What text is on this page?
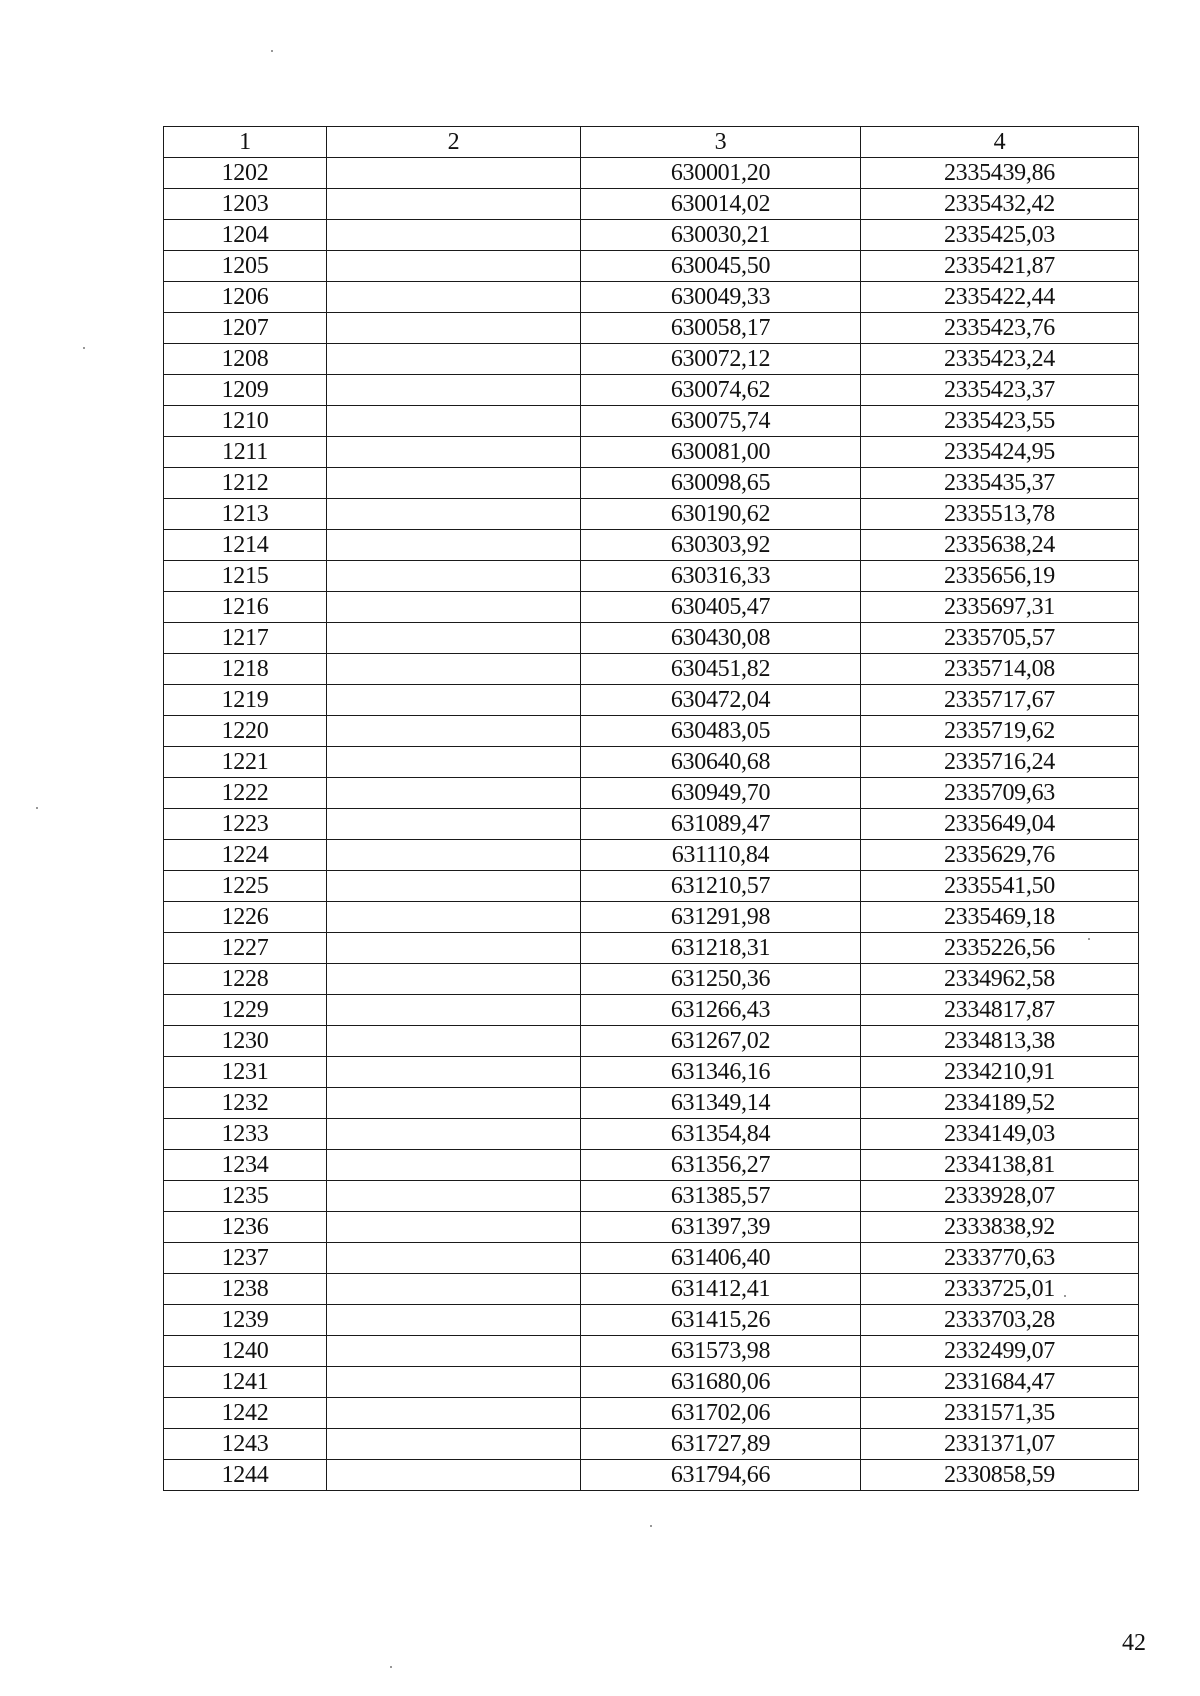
1	2	3	4
1202		630001,20	2335439,86
1203		630014,02	2335432,42
1204		630030,21	2335425,03
1205		630045,50	2335421,87
1206		630049,33	2335422,44
1207		630058,17	2335423,76
1208		630072,12	2335423,24
1209		630074,62	2335423,37
1210		630075,74	2335423,55
1211		630081,00	2335424,95
1212		630098,65	2335435,37
1213		630190,62	2335513,78
1214		630303,92	2335638,24
1215		630316,33	2335656,19
1216		630405,47	2335697,31
1217		630430,08	2335705,57
1218		630451,82	2335714,08
1219		630472,04	2335717,67
1220		630483,05	2335719,62
1221		630640,68	2335716,24
1222		630949,70	2335709,63
1223		631089,47	2335649,04
1224		631110,84	2335629,76
1225		631210,57	2335541,50
1226		631291,98	2335469,18
1227		631218,31	2335226,56
1228		631250,36	2334962,58
1229		631266,43	2334817,87
1230		631267,02	2334813,38
1231		631346,16	2334210,91
1232		631349,14	2334189,52
1233		631354,84	2334149,03
1234		631356,27	2334138,81
1235		631385,57	2333928,07
1236		631397,39	2333838,92
1237		631406,40	2333770,63
1238		631412,41	2333725,01
1239		631415,26	2333703,28
1240		631573,98	2332499,07
1241		631680,06	2331684,47
1242		631702,06	2331571,35
1243		631727,89	2331371,07
1244		631794,66	2330858,59
42
